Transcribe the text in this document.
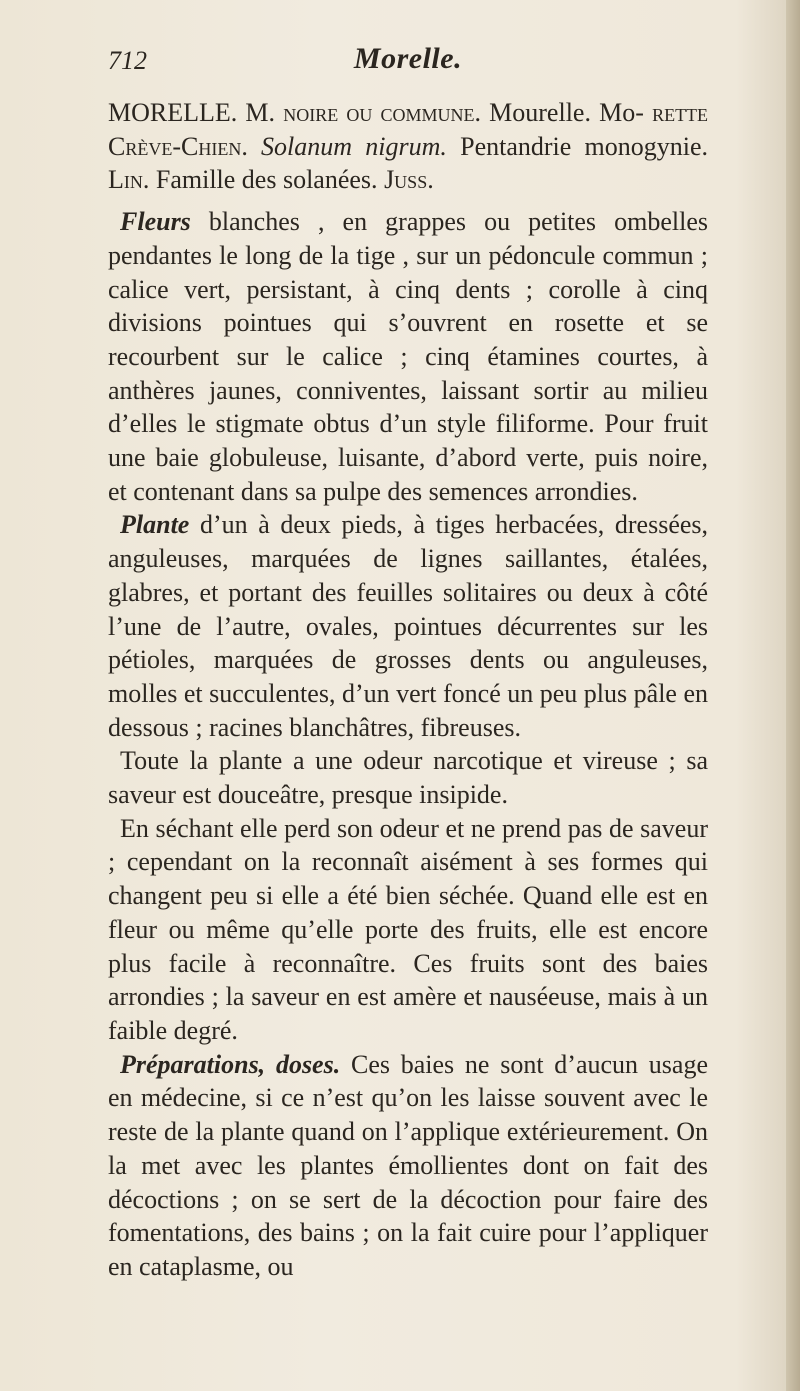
712	Morelle.

MORELLE. M. noire ou commune. Mourelle. Mo- rette Crève-Chien. Solanum nigrum. Pentandrie monogynie. Lin. Famille des solanées. Juss.

Fleurs blanches , en grappes ou petites ombelles pendantes le long de la tige , sur un pédoncule commun ; calice vert, persistant, à cinq dents ; corolle à cinq divisions pointues qui s’ouvrent en rosette et se recourbent sur le calice ; cinq étamines courtes, à anthères jaunes, conniventes, laissant sortir au milieu d’elles le stigmate obtus d’un style filiforme. Pour fruit une baie globuleuse, luisante, d’abord verte, puis noire, et contenant dans sa pulpe des semences arrondies.

Plante d’un à deux pieds, à tiges herbacées, dressées, anguleuses, marquées de lignes saillantes, étalées, glabres, et portant des feuilles solitaires ou deux à côté l’une de l’autre, ovales, pointues décurrentes sur les pétioles, marquées de grosses dents ou anguleuses, molles et succulentes, d’un vert foncé un peu plus pâle en dessous ; racines blanchâtres, fibreuses.

Toute la plante a une odeur narcotique et vireuse ; sa saveur est douceâtre, presque insipide.

En séchant elle perd son odeur et ne prend pas de saveur ; cependant on la reconnaît aisément à ses formes qui changent peu si elle a été bien séchée. Quand elle est en fleur ou même qu’elle porte des fruits, elle est encore plus facile à reconnaître. Ces fruits sont des baies arrondies ; la saveur en est amère et nauséeuse, mais à un faible degré.

Préparations, doses. Ces baies ne sont d’aucun usage en médecine, si ce n’est qu’on les laisse souvent avec le reste de la plante quand on l’applique extérieurement. On la met avec les plantes émollientes dont on fait des décoctions ; on se sert de la décoction pour faire des fomentations, des bains ; on la fait cuire pour l’appliquer en cataplasme, ou
